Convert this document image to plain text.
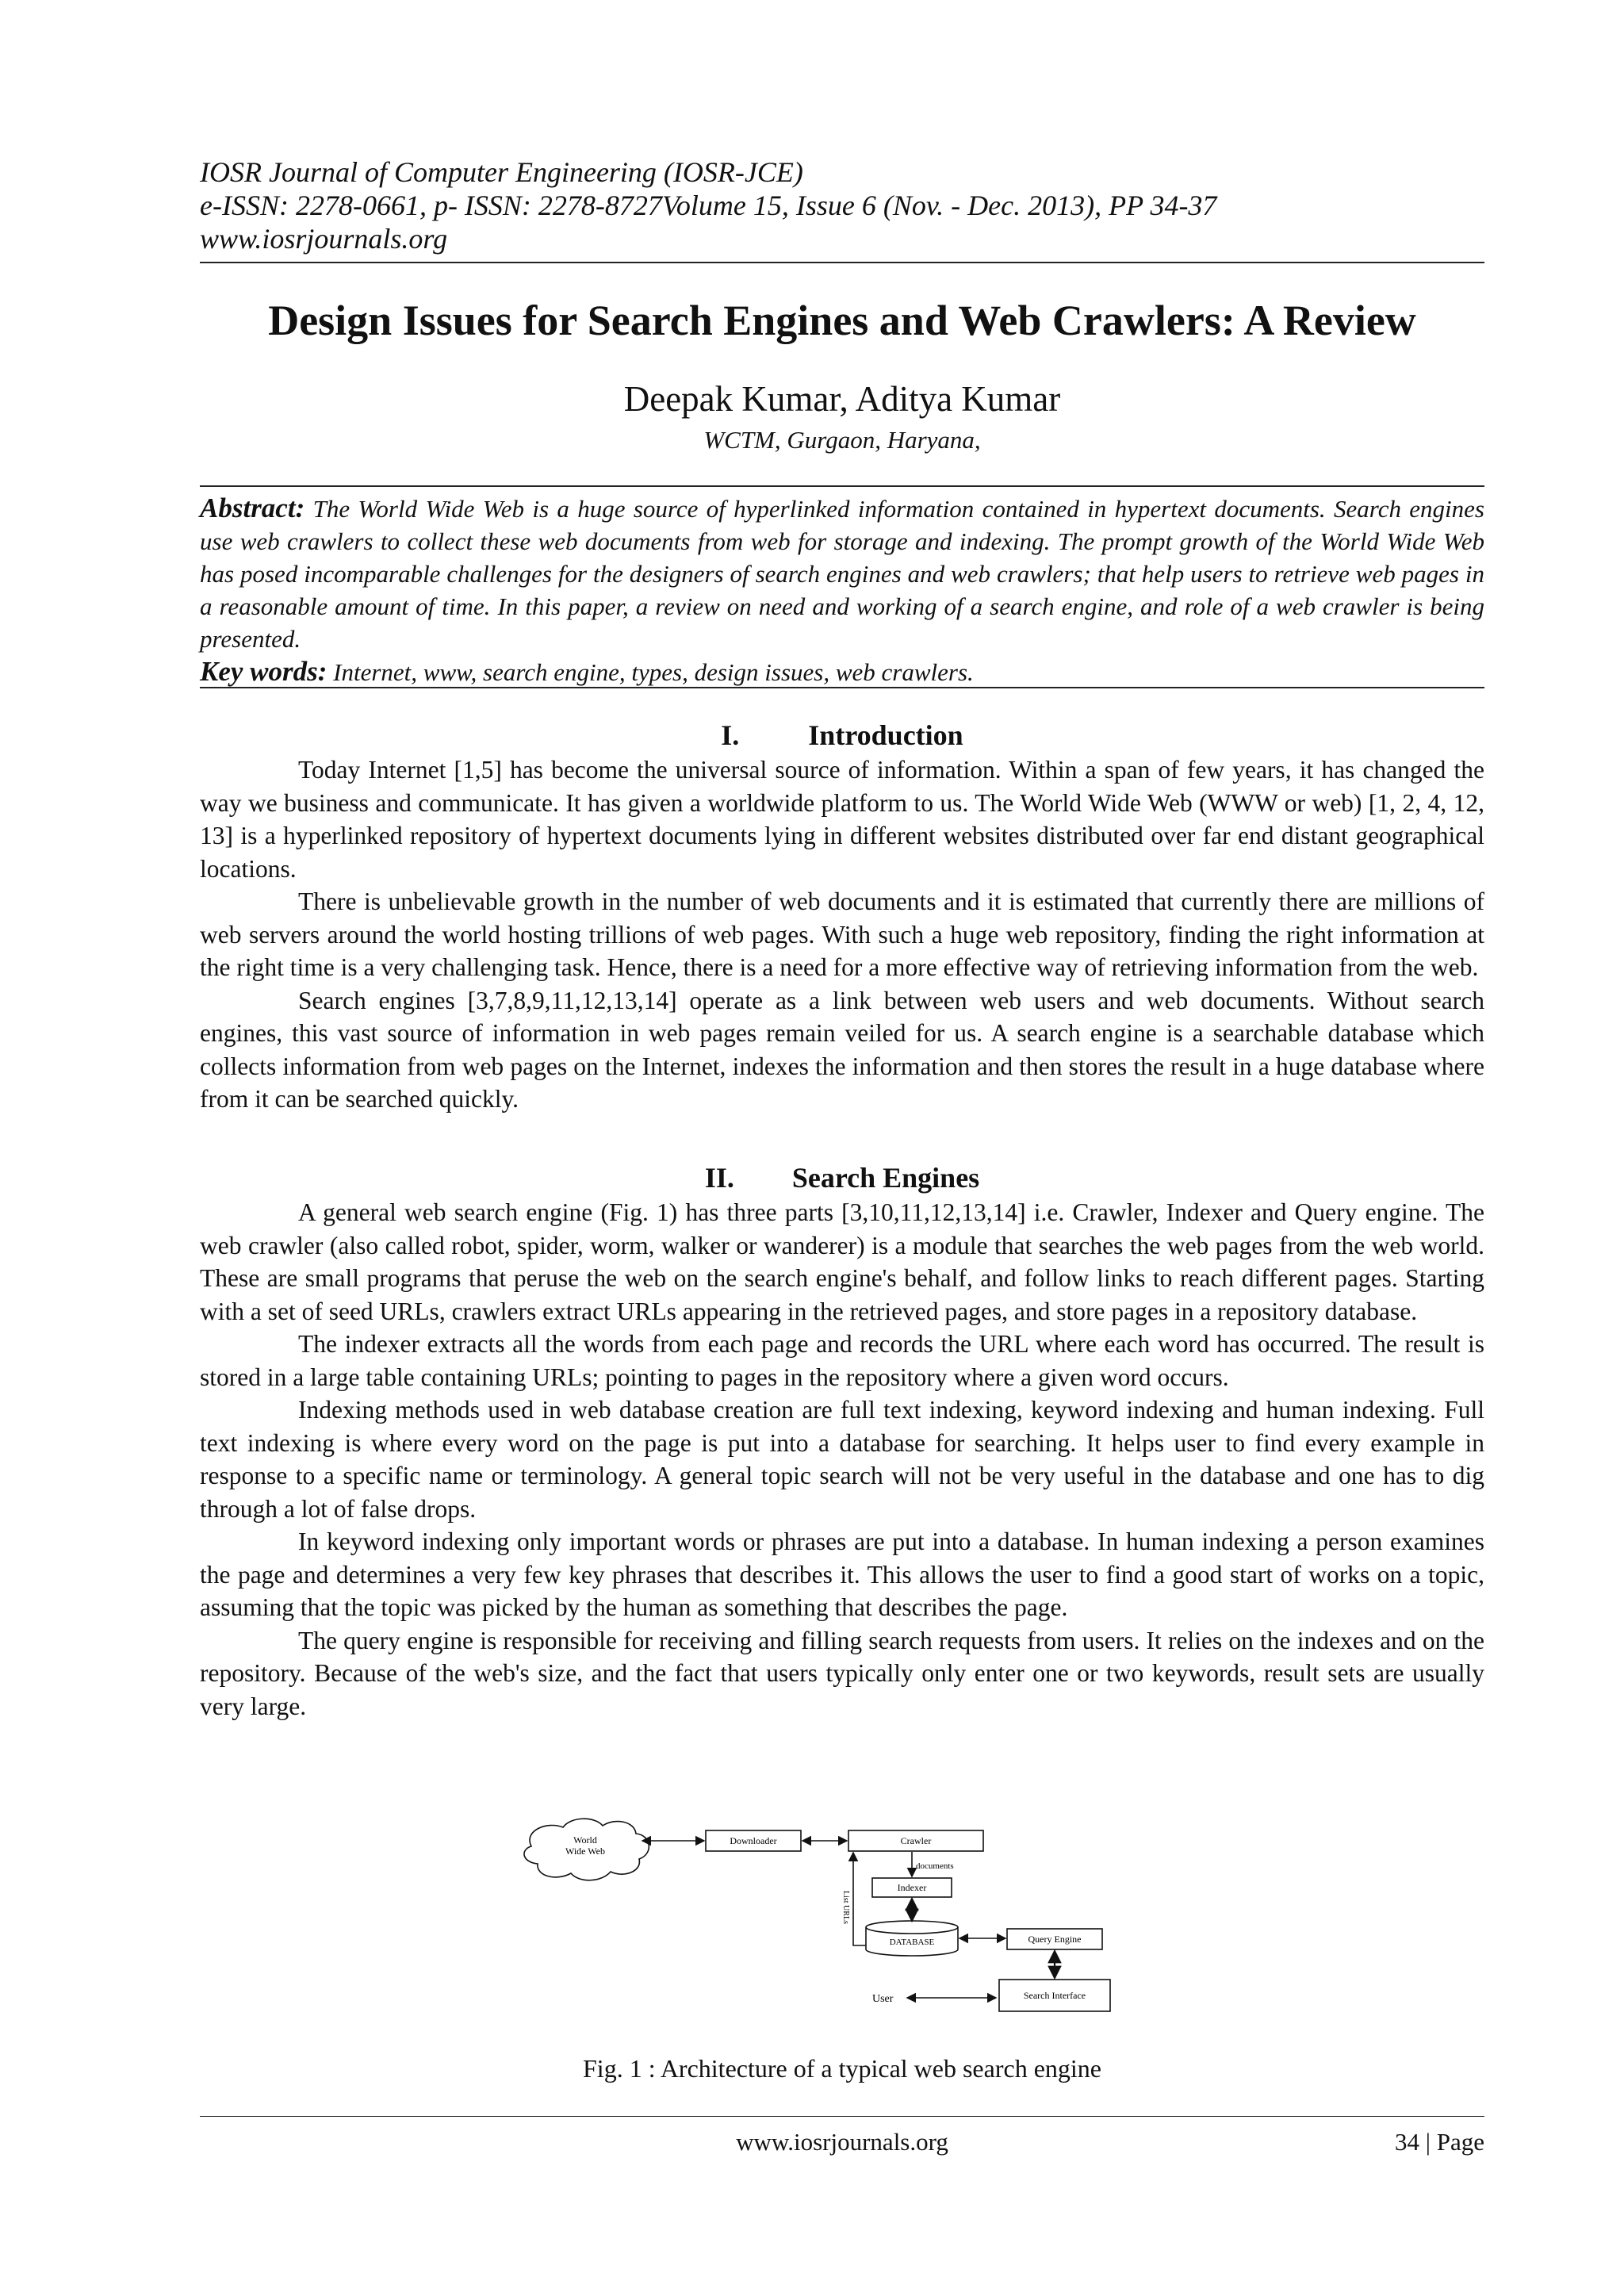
IOSR Journal of Computer Engineering (IOSR-JCE)
e-ISSN: 2278-0661, p- ISSN: 2278-8727Volume 15, Issue 6 (Nov. - Dec. 2013), PP 34-37
www.iosrjournals.org
Design Issues for Search Engines and Web Crawlers: A Review
Deepak Kumar, Aditya Kumar
WCTM, Gurgaon, Haryana,
Abstract: The World Wide Web is a huge source of hyperlinked information contained in hypertext documents. Search engines use web crawlers to collect these web documents from web for storage and indexing. The prompt growth of the World Wide Web has posed incomparable challenges for the designers of search engines and web crawlers; that help users to retrieve web pages in a reasonable amount of time. In this paper, a review on need and working of a search engine, and role of a web crawler is being presented.
Key words: Internet, www, search engine, types, design issues, web crawlers.
I. Introduction

Today Internet [1,5] has become the universal source of information. Within a span of few years, it has changed the way we business and communicate. It has given a worldwide platform to us. The World Wide Web (WWW or web) [1, 2, 4, 12, 13] is a hyperlinked repository of hypertext documents lying in different websites distributed over far end distant geographical locations.

There is unbelievable growth in the number of web documents and it is estimated that currently there are millions of web servers around the world hosting trillions of web pages. With such a huge web repository, finding the right information at the right time is a very challenging task. Hence, there is a need for a more effective way of retrieving information from the web.

Search engines [3,7,8,9,11,12,13,14] operate as a link between web users and web documents. Without search engines, this vast source of information in web pages remain veiled for us. A search engine is a searchable database which collects information from web pages on the Internet, indexes the information and then stores the result in a huge database where from it can be searched quickly.

II. Search Engines

A general web search engine (Fig. 1) has three parts [3,10,11,12,13,14] i.e. Crawler, Indexer and Query engine. The web crawler (also called robot, spider, worm, walker or wanderer) is a module that searches the web pages from the web world. These are small programs that peruse the web on the search engine's behalf, and follow links to reach different pages. Starting with a set of seed URLs, crawlers extract URLs appearing in the retrieved pages, and store pages in a repository database.

The indexer extracts all the words from each page and records the URL where each word has occurred. The result is stored in a large table containing URLs; pointing to pages in the repository where a given word occurs.

Indexing methods used in web database creation are full text indexing, keyword indexing and human indexing. Full text indexing is where every word on the page is put into a database for searching. It helps user to find every example in response to a specific name or terminology. A general topic search will not be very useful in the database and one has to dig through a lot of false drops.

In keyword indexing only important words or phrases are put into a database. In human indexing a person examines the page and determines a very few key phrases that describes it. This allows the user to find a good start of works on a topic, assuming that the topic was picked by the human as something that describes the page.

The query engine is responsible for receiving and filling search requests from users. It relies on the indexes and on the repository. Because of the web's size, and the fact that users typically only enter one or two keywords, result sets are usually very large.

World
Wide Web
Downloader	Crawler
documents
Indexer
DATABASE
List URLs
Query Engine
Search Interface
User
Fig. 1 : Architecture of a typical web search engine
www.iosrjournals.org	34 | Page
